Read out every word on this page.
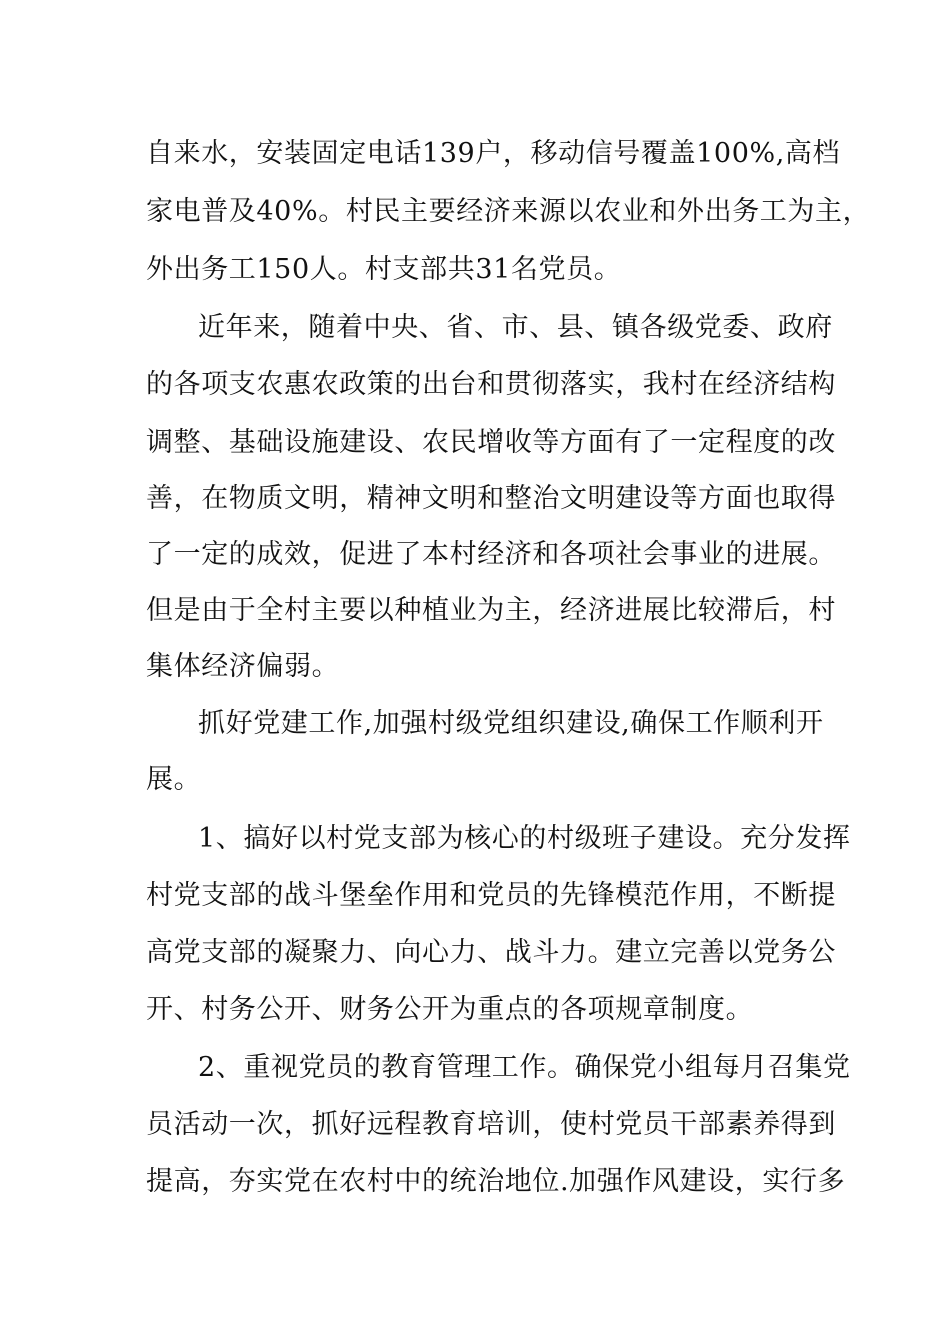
自来水，安装固定电话139户，移动信号覆盖100%,高档
家电普及40%。村民主要经济来源以农业和外出务工为主，
外出务工150人。村支部共31名党员。
近年来，随着中央、省、市、县、镇各级党委、政府
的各项支农惠农政策的出台和贯彻落实，我村在经济结构
调整、基础设施建设、农民增收等方面有了一定程度的改
善，在物质文明，精神文明和整治文明建设等方面也取得
了一定的成效，促进了本村经济和各项社会事业的进展。
但是由于全村主要以种植业为主，经济进展比较滞后，村
集体经济偏弱。
抓好党建工作,加强村级党组织建设,确保工作顺利开
展。
1、搞好以村党支部为核心的村级班子建设。充分发挥
村党支部的战斗堡垒作用和党员的先锋模范作用，不断提
高党支部的凝聚力、向心力、战斗力。建立完善以党务公
开、村务公开、财务公开为重点的各项规章制度。
2、重视党员的教育管理工作。确保党小组每月召集党
员活动一次，抓好远程教育培训，使村党员干部素养得到
提高，夯实党在农村中的统治地位.加强作风建设，实行多
